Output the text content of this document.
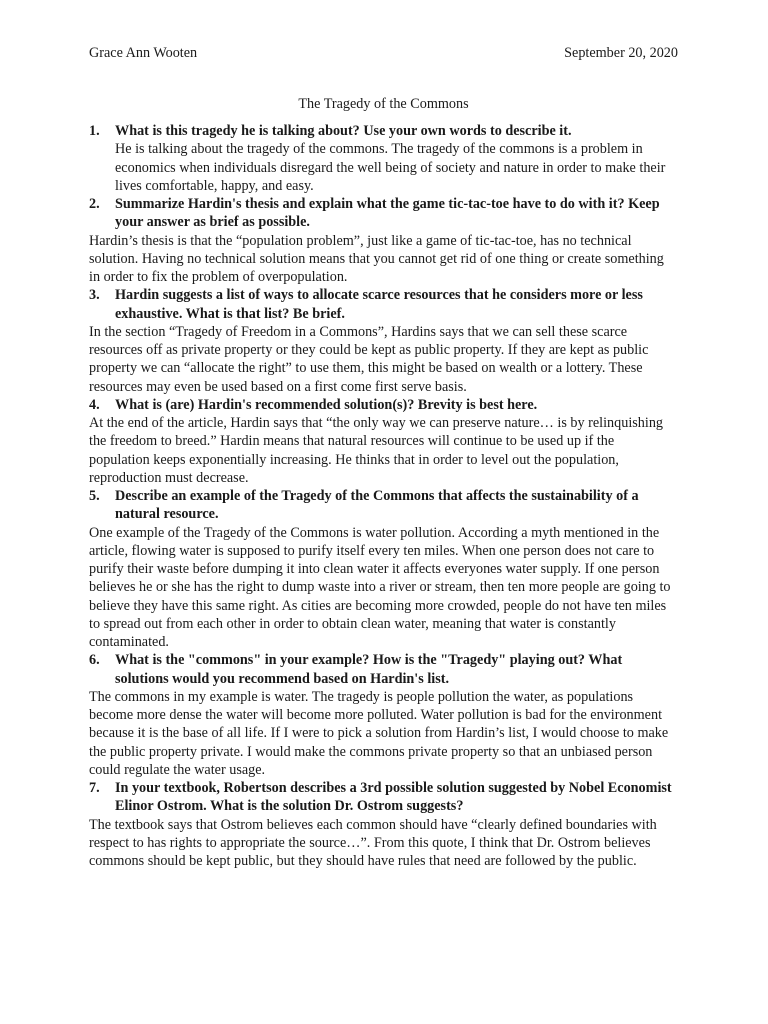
Grace Ann Wooten	September 20, 2020
The Tragedy of the Commons
1.	What is this tragedy he is talking about? Use your own words to describe it.

He is talking about the tragedy of the commons. The tragedy of the commons is a problem in economics when individuals disregard the well being of society and nature in order to make their lives comfortable, happy, and easy.

2.	Summarize Hardin's thesis and explain what the game tic-tac-toe have to do with it? Keep your answer as brief as possible.

Hardin’s thesis is that the “population problem”, just like a game of tic-tac-toe, has no technical solution. Having no technical solution means that you cannot get rid of one thing or create something in order to fix the problem of overpopulation.

3.	Hardin suggests a list of ways to allocate scarce resources that he considers more or less exhaustive. What is that list? Be brief.

In the section “Tragedy of Freedom in a Commons”, Hardins says that we can sell these scarce resources off as private property or they could be kept as public property. If they are kept as public property we can “allocate the right” to use them, this might be based on wealth or a lottery. These resources may even be used based on a first come first serve basis.

4.	What is (are) Hardin's recommended solution(s)? Brevity is best here.

At the end of the article, Hardin says that “the only way we can preserve nature… is by relinquishing the freedom to breed.” Hardin means that natural resources will continue to be used up if the population keeps exponentially increasing. He thinks that in order to level out the population, reproduction must decrease.

5.	Describe an example of the Tragedy of the Commons that affects the sustainability of a natural resource.

One example of the Tragedy of the Commons is water pollution. According a myth mentioned in the article, flowing water is supposed to purify itself every ten miles. When one person does not care to purify their waste before dumping it into clean water it affects everyones water supply. If one person believes he or she has the right to dump waste into a river or stream, then ten more people are going to believe they have this same right. As cities are becoming more crowded, people do not have ten miles to spread out from each other in order to obtain clean water, meaning that water is constantly contaminated.

6.	What is the "commons" in your example? How is the "Tragedy" playing out? What solutions would you recommend based on Hardin's list.

The commons in my example is water. The tragedy is people pollution the water, as populations become more dense the water will become more polluted. Water pollution is bad for the environment because it is the base of all life. If I were to pick a solution from Hardin’s list, I would choose to make the public property private. I would make the commons private property so that an unbiased person could regulate the water usage.

7.	In your textbook, Robertson describes a 3rd possible solution suggested by Nobel Economist Elinor Ostrom. What is the solution Dr. Ostrom suggests?

The textbook says that Ostrom believes each common should have “clearly defined boundaries with respect to has rights to appropriate the source…”. From this quote, I think that Dr. Ostrom believes commons should be kept public, but they should have rules that need are followed by the public.
